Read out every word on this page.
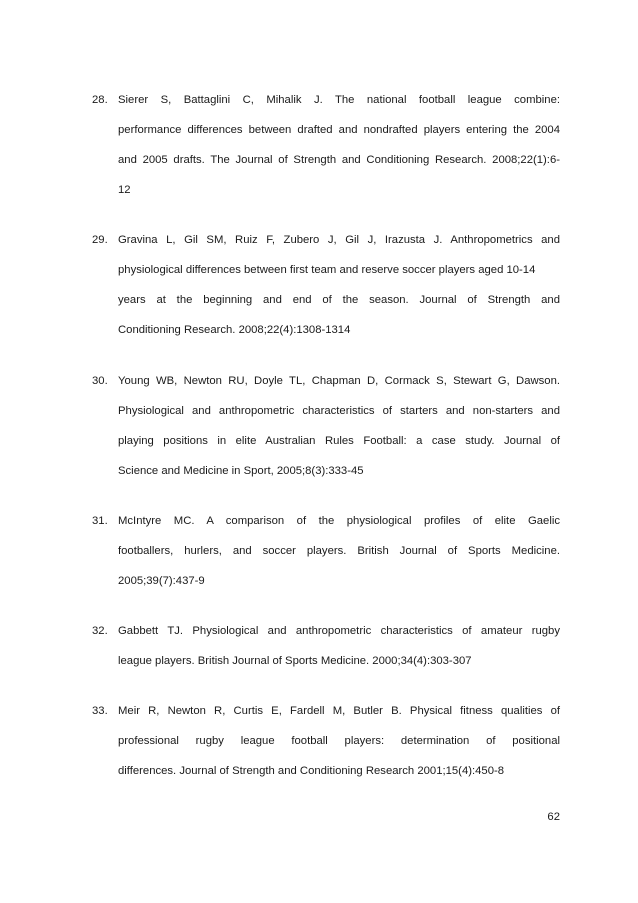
28. Sierer S, Battaglini C, Mihalik J. The national football league combine:
performance differences between drafted and nondrafted players entering the 2004
and 2005 drafts. The Journal of Strength and Conditioning Research. 2008;22(1):6-
12
29. Gravina L, Gil SM, Ruiz F, Zubero J, Gil J, Irazusta J. Anthropometrics and
physiological differences between first team and reserve soccer players aged 10-14
years at the beginning and end of the season. Journal of Strength and
Conditioning Research. 2008;22(4):1308-1314
30. Young WB, Newton RU, Doyle TL, Chapman D, Cormack S, Stewart G, Dawson.
Physiological and anthropometric characteristics of starters and non-starters and
playing positions in elite Australian Rules Football: a case study. Journal of
Science and Medicine in Sport, 2005;8(3):333-45
31. McIntyre MC. A comparison of the physiological profiles of elite Gaelic
footballers, hurlers, and soccer players. British Journal of Sports Medicine.
2005;39(7):437-9
32. Gabbett TJ. Physiological and anthropometric characteristics of amateur rugby
league players. British Journal of Sports Medicine. 2000;34(4):303-307
33. Meir R, Newton R, Curtis E, Fardell M, Butler B. Physical fitness qualities of
professional rugby league football players: determination of positional
differences. Journal of Strength and Conditioning Research 2001;15(4):450-8
62
